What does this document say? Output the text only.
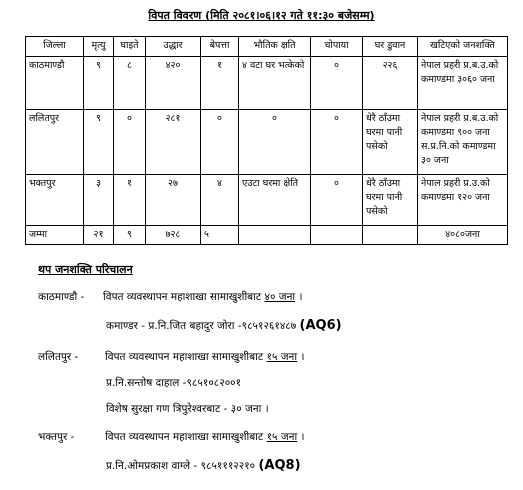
विपत विवरण (मिति २०८१।०६।१२ गते ११:३० बजेसम्म)
जिल्ला	मृत्यु	घाइते	उद्धार	बेपत्ता	भौतिक क्षति	चोपाया	घर डुवान	खटिएको जनशक्ति
काठमाण्डौ	९	८	४२०	१	४ वटा घर भत्केको	०	२२६	नेपाल प्रहरी प्र.ब.उ.को कमाण्डमा ३०६० जना
ललितपुर	९	०	२८१	०	०	०	धेरै ठाँउमा घरमा पानी पसेको	नेपाल प्रहरी प्र.ब.उ.को कमाण्डमा ९०० जना स.प्र.नि.को कमाण्डमा ३० जना
भक्तपुर	३	१	२७	४	एउटा घरमा क्षेति	०	धेरै ठाँउमा घरमा पानी पसेको	नेपाल प्रहरी प्र.उ.को कमाण्डमा १२० जना
जम्मा	२१	९	७२८	५				४०८०जना
थप जनशक्ति परिचालन
काठमाण्डौ - विपत व्यवस्थापन महाशाखा सामाखुशीबाट ४० जना ।
कमाण्डर - प्र.नि.जित बहादुर जोरा -९८५१२६१४८७ (AQ6)
ललितपुर -	विपत व्यवस्थापन महाशाखा सामाखुशीबाट १५ जना ।
प्र.नि.सन्तोष दाहाल -९८५१०८२००१
विशेष सुरक्षा गण त्रिपुरेश्वरबाट - ३० जना ।
भक्तपुर -	विपत व्यवस्थापन महाशाखा सामाखुशीबाट १५ जना ।
प्र.नि.ओमप्रकाश वाग्ले - ९८५१११२२१० (AQ8)
